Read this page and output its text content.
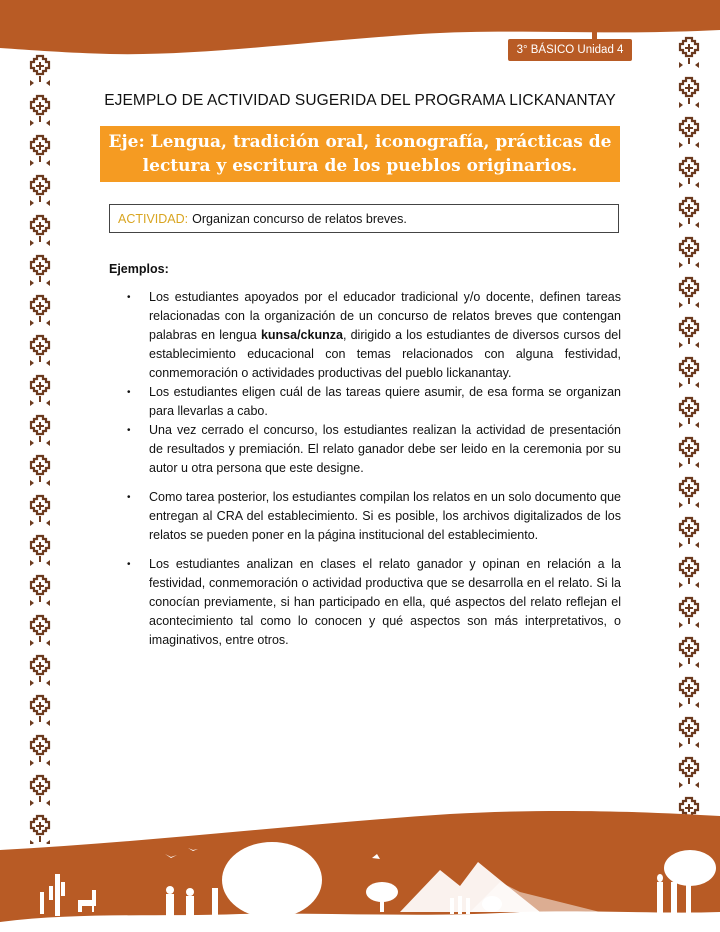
3° BÁSICO Unidad 4
EJEMPLO DE ACTIVIDAD SUGERIDA DEL PROGRAMA LICKANANTAY
Eje: Lengua, tradición oral, iconografía, prácticas de
lectura y escritura de los pueblos originarios.
ACTIVIDAD: Organizan concurso de relatos breves.
Ejemplos:
•	Los estudiantes apoyados por el educador tradicional y/o docente, definen tareas relacionadas con la organización de un concurso de relatos breves que contengan palabras en lengua kunsa/ckunza, dirigido a los estudiantes de diversos cursos del establecimiento educacional con temas relacionados con alguna festividad, conmemoración o actividades productivas del pueblo lickanantay.
•	Los estudiantes eligen cuál de las tareas quiere asumir, de esa forma se organizan para llevarlas a cabo.
•	Una vez cerrado el concurso, los estudiantes realizan la actividad de presentación de resultados y premiación. El relato ganador debe ser leido en la ceremonia por su autor u otra persona que este designe.
•	Como tarea posterior, los estudiantes compilan los relatos en un solo documento que entregan al CRA del establecimiento. Si es posible, los archivos digitalizados de los relatos se pueden poner en la página institucional del establecimiento.
•	Los estudiantes analizan en clases el relato ganador y opinan en relación a la festividad, conmemoración o actividad productiva que se desarrolla en el relato. Si la conocían previamente, si han participado en ella, qué aspectos del relato reflejan el acontecimiento tal como lo conocen y qué aspectos son más interpretativos, o imaginativos, entre otros.
